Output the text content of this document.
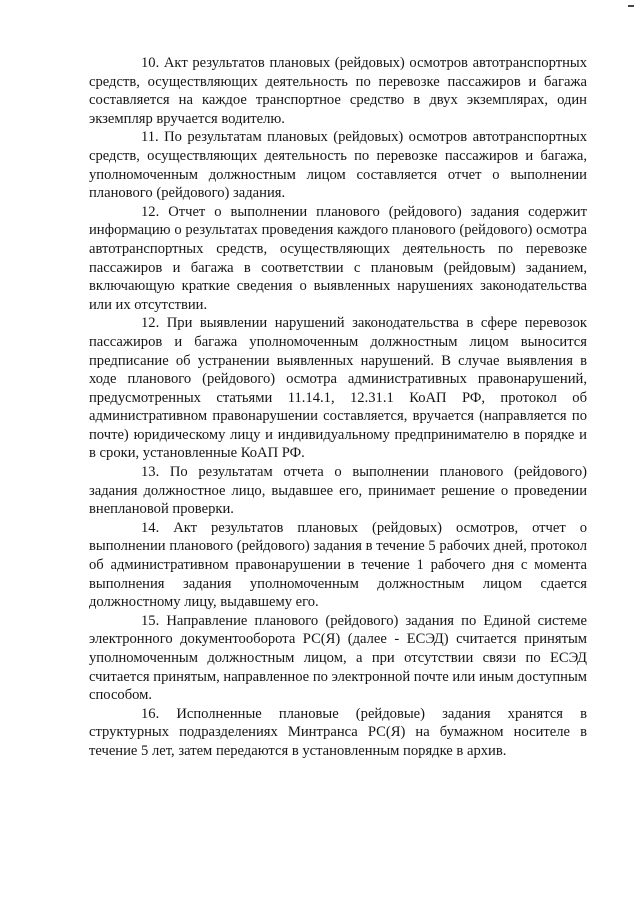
10. Акт результатов плановых (рейдовых) осмотров автотранспортных средств, осуществляющих деятельность по перевозке пассажиров и багажа составляется на каждое транспортное средство в двух экземплярах, один экземпляр вручается водителю.

11. По результатам плановых (рейдовых) осмотров автотранспортных средств, осуществляющих деятельность по перевозке пассажиров и багажа, уполномоченным должностным лицом составляется отчет о выполнении планового (рейдового) задания.

12. Отчет о выполнении планового (рейдового) задания содержит информацию о результатах проведения каждого планового (рейдового) осмотра автотранспортных средств, осуществляющих деятельность по перевозке пассажиров и багажа в соответствии с плановым (рейдовым) заданием, включающую краткие сведения о выявленных нарушениях законодательства или их отсутствии.

12. При выявлении нарушений законодательства в сфере перевозок пассажиров и багажа уполномоченным должностным лицом выносится предписание об устранении выявленных нарушений. В случае выявления в ходе планового (рейдового) осмотра административных правонарушений, предусмотренных статьями 11.14.1, 12.31.1 КоАП РФ, протокол об административном правонарушении составляется, вручается (направляется по почте) юридическому лицу и индивидуальному предпринимателю в порядке и в сроки, установленные КоАП РФ.

13. По результатам отчета о выполнении планового (рейдового) задания должностное лицо, выдавшее его, принимает решение о проведении внеплановой проверки.

14. Акт результатов плановых (рейдовых) осмотров, отчет о выполнении планового (рейдового) задания в течение 5 рабочих дней, протокол об административном правонарушении в течение 1 рабочего дня с момента выполнения задания уполномоченным должностным лицом сдается должностному лицу, выдавшему его.

15. Направление планового (рейдового) задания по Единой системе электронного документооборота РС(Я) (далее - ЕСЭД) считается принятым уполномоченным должностным лицом, а при отсутствии связи по ЕСЭД считается принятым, направленное по электронной почте или иным доступным способом.

16. Исполненные плановые (рейдовые) задания хранятся в структурных подразделениях Минтранса РС(Я) на бумажном носителе в течение 5 лет, затем передаются в установленным порядке в архив.
